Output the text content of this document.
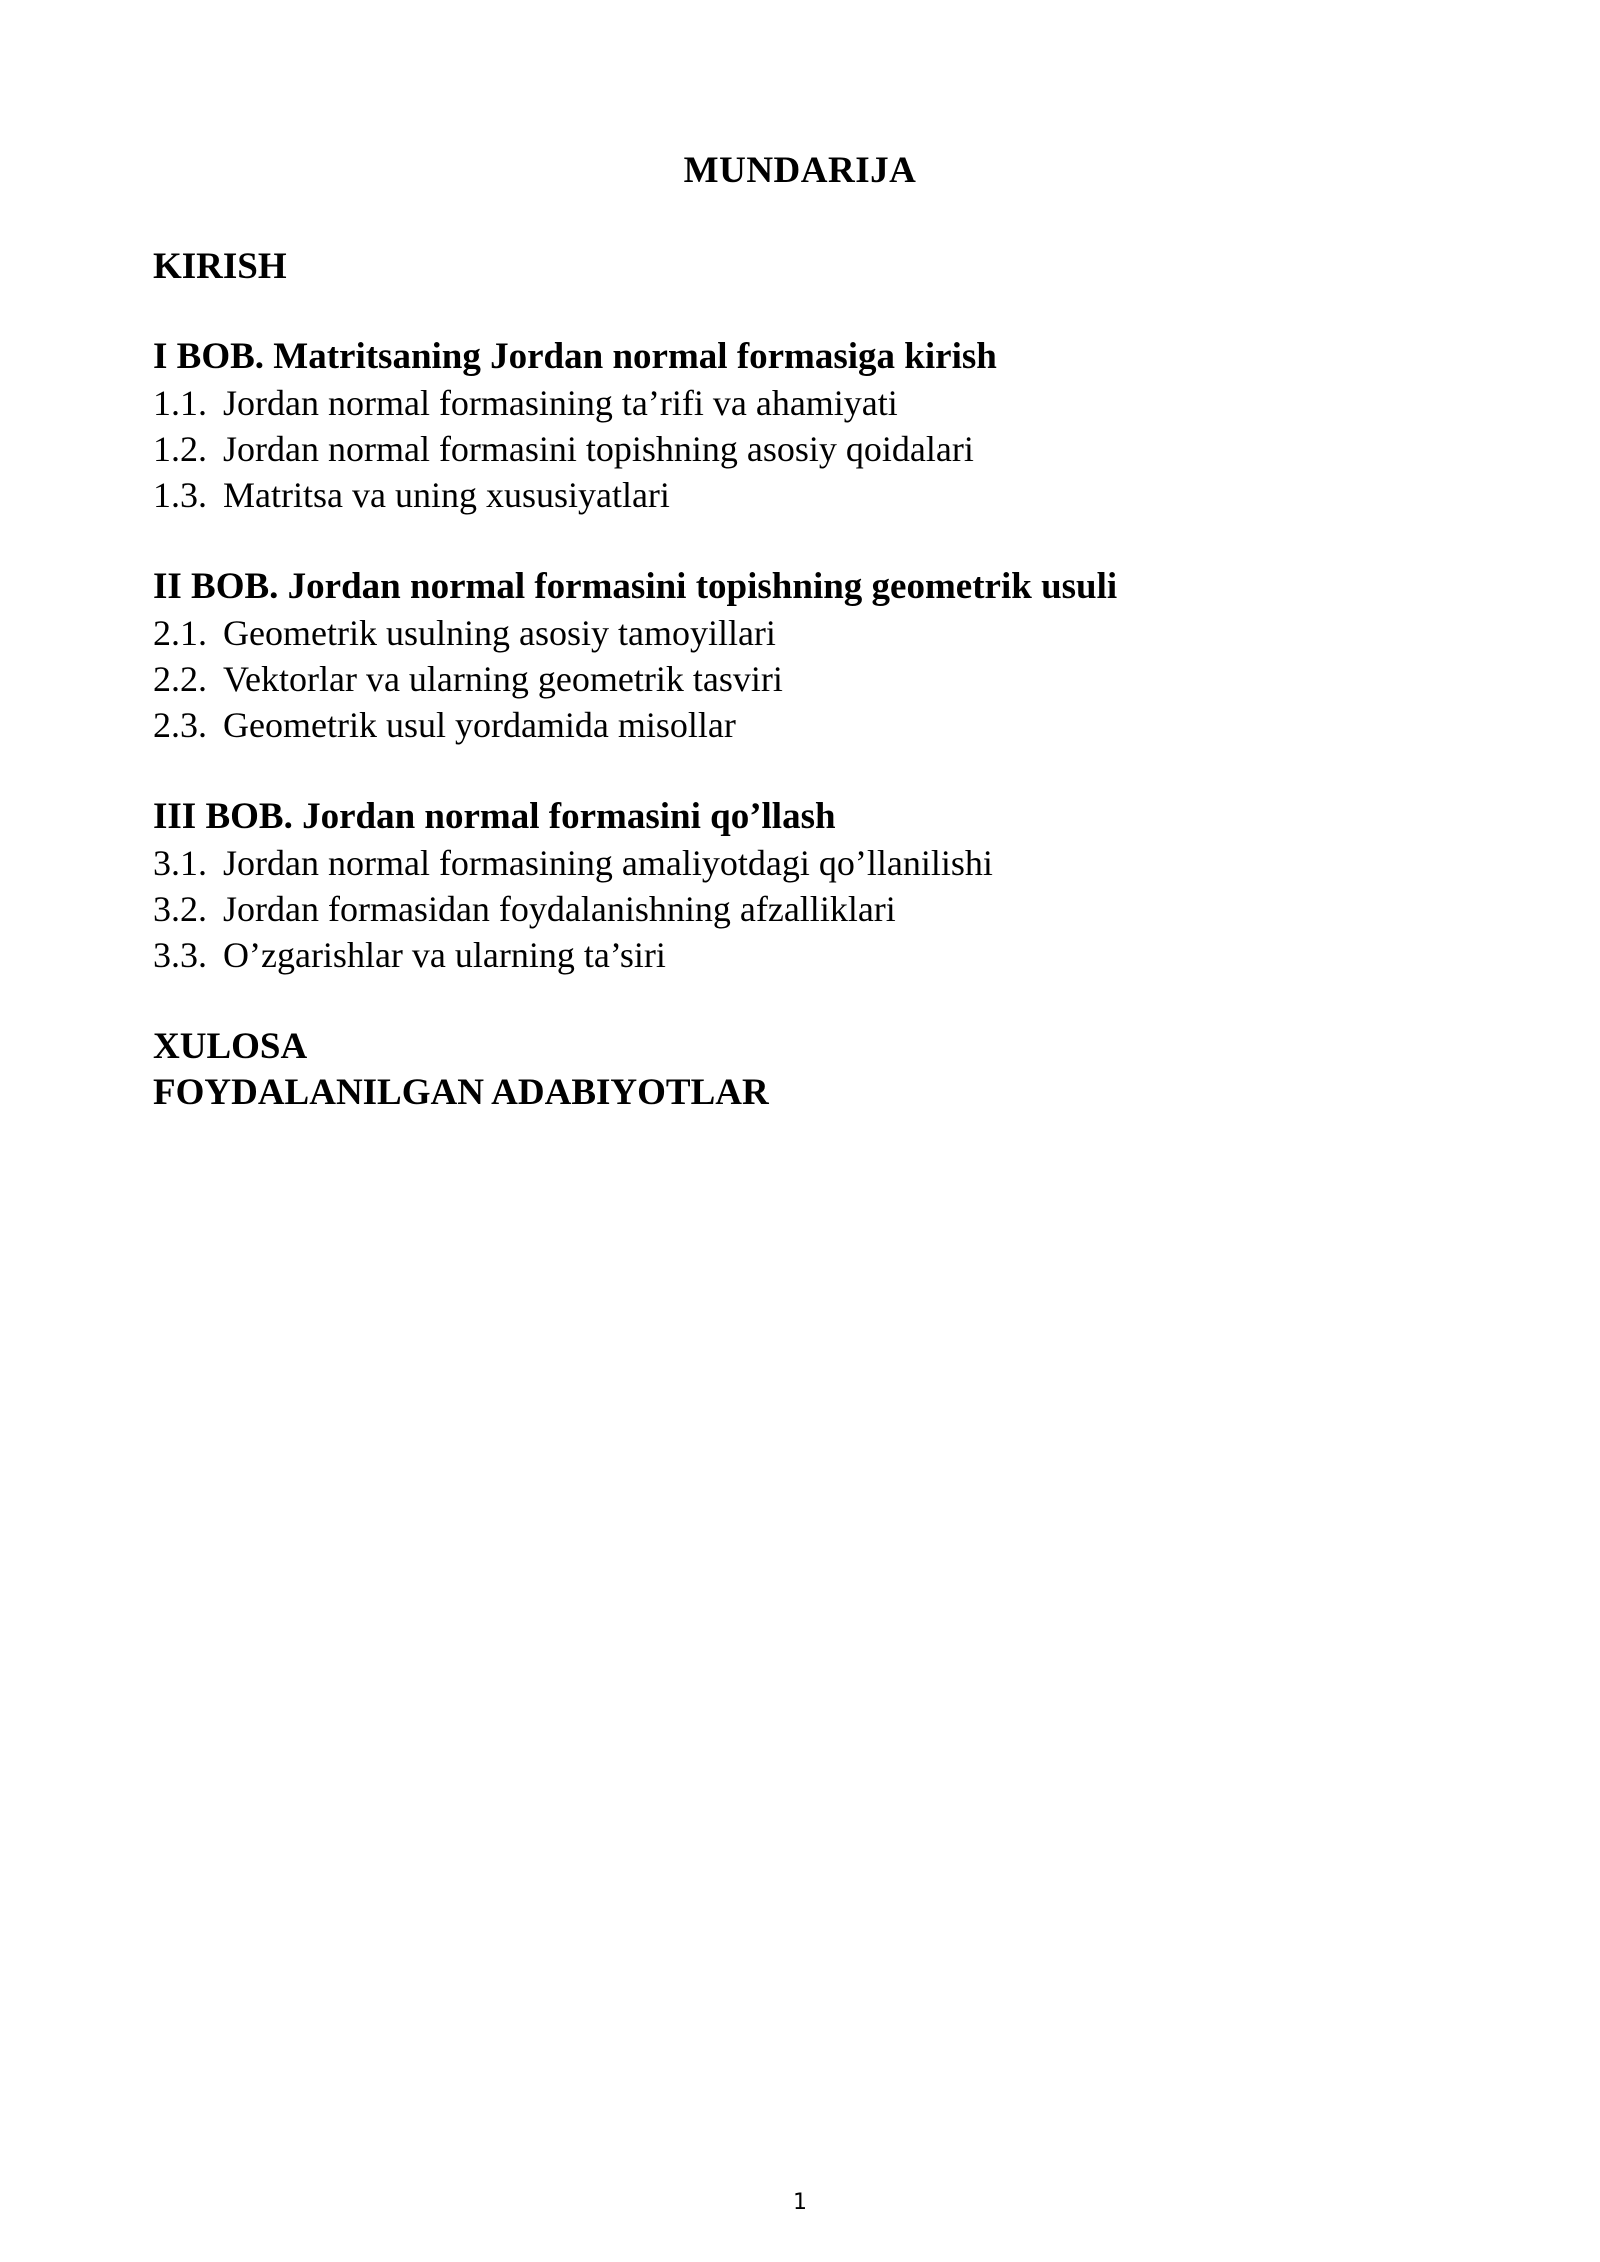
MUNDARIJA
KIRISH
I BOB. Matritsaning Jordan normal formasiga kirish
1.1. Jordan normal formasining ta’rifi va ahamiyati
1.2. Jordan normal formasini topishning asosiy qoidalari
1.3. Matritsa va uning xususiyatlari
II BOB. Jordan normal formasini topishning geometrik usuli
2.1. Geometrik usulning asosiy tamoyillari
2.2. Vektorlar va ularning geometrik tasviri
2.3. Geometrik usul yordamida misollar
III BOB. Jordan normal formasini qo’llash
3.1. Jordan normal formasining amaliyotdagi qo’llanilishi
3.2. Jordan formasidan foydalanishning afzalliklari
3.3. O’zgarishlar va ularning ta’siri
XULOSA
FOYDALANILGAN ADABIYOTLAR
1
